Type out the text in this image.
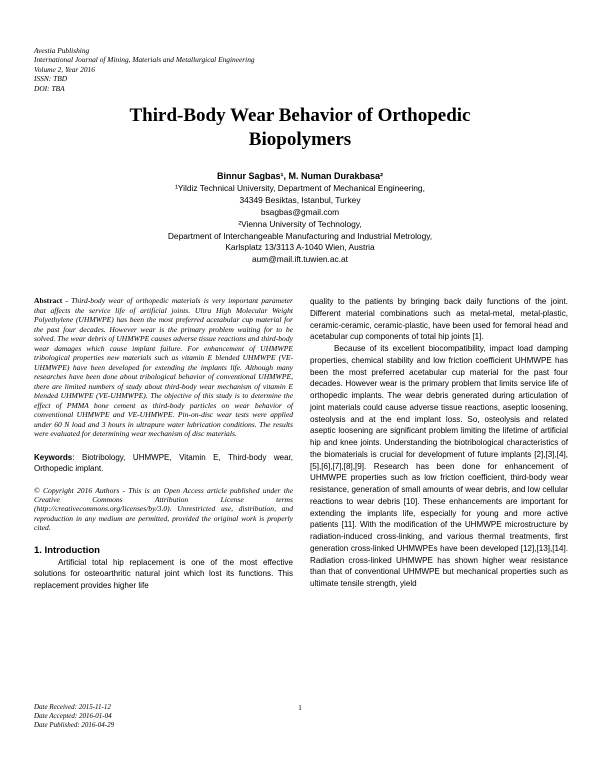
Avestia Publishing
International Journal of Mining, Materials and Metallurgical Engineering
Volume 2, Year 2016
ISSN: TBD
DOI: TBA
Third-Body Wear Behavior of Orthopedic
Biopolymers
Binnur Sagbas¹, M. Numan Durakbasa²
¹Yildiz Technical University, Department of Mechanical Engineering,
34349 Besiktas, Istanbul, Turkey
bsagbas@gmail.com
²Vienna University of Technology,
Department of Interchangeable Manufacturing and Industrial Metrology,
Karlsplatz 13/3113 A-1040 Wien, Austria
aum@mail.ift.tuwien.ac.at
Abstract - Third-body wear of orthopedic materials is very important parameter that affects the service life of artificial joints. Ultra High Molecular Weight Polyethylene (UHMWPE) has been the most preferred acetabular cup material for the past four decades. However wear is the primary problem waiting for to be solved. The wear debris of UHMWPE causes adverse tissue reactions and third-body wear damages which cause implant failure. For enhancement of UHMWPE tribological properties new materials such as vitamin E blended UHMWPE (VE-UHMWPE) have been developed for extending the implants life. Although many researches have been done about tribological behavior of conventional UHMWPE, there are limited numbers of study about third-body wear mechanism of vitamin E blended UHMWPE (VE-UHMWPE). The objective of this study is to determine the effect of PMMA bone cement as third-body particles on wear behavior of conventional UHMWPE and VE-UHMWPE. Pin-on-disc wear tests were applied under 60 N load and 3 hours in ultrapure water lubrication conditions. The results were evaluated for determining wear mechanism of disc materials.
Keywords: Biotribology, UHMWPE, Vitamin E, Third-body wear, Orthopedic implant.
© Copyright 2016 Authors - This is an Open Access article published under the Creative Commons Attribution License terms (http://creativecommons.org/licenses/by/3.0). Unrestricted use, distribution, and reproduction in any medium are permitted, provided the original work is properly cited.
1. Introduction
Artificial total hip replacement is one of the most effective solutions for osteoarthritic natural joint which lost its functions. This replacement provides higher life
quality to the patients by bringing back daily functions of the joint. Different material combinations such as metal-metal, metal-plastic, ceramic-ceramic, ceramic-plastic, have been used for femoral head and acetabular cup components of total hip joints [1].
Because of its excellent biocompatibility, impact load damping properties, chemical stability and low friction coefficient UHMWPE has been the most preferred acetabular cup material for the past four decades. However wear is the primary problem that limits service life of orthopedic implants. The wear debris generated during articulation of joint materials could cause adverse tissue reactions, aseptic loosening, osteolysis and at the end implant loss. So, osteolysis and related aseptic loosening are significant problem limiting the lifetime of artificial hip and knee joints. Understanding the biotribological characteristics of the biomaterials is crucial for development of future implants [2],[3],[4],[5],[6],[7],[8],[9]. Research has been done for enhancement of UHMWPE properties such as low friction coefficient, third-body wear resistance, generation of small amounts of wear debris, and low cellular reactions to wear debris [10]. These enhancements are important for extending the implants life, especially for young and more active patients [11]. With the modification of the UHMWPE microstructure by radiation-induced cross-linking, and various thermal treatments, first generation cross-linked UHMWPEs have been developed [12],[13],[14]. Radiation cross-linked UHMWPE has shown higher wear resistance than that of conventional UHMWPE but mechanical properties such as ultimate tensile strength, yield
Date Received: 2015-11-12
Date Accepted: 2016-01-04
Date Published: 2016-04-29
1
